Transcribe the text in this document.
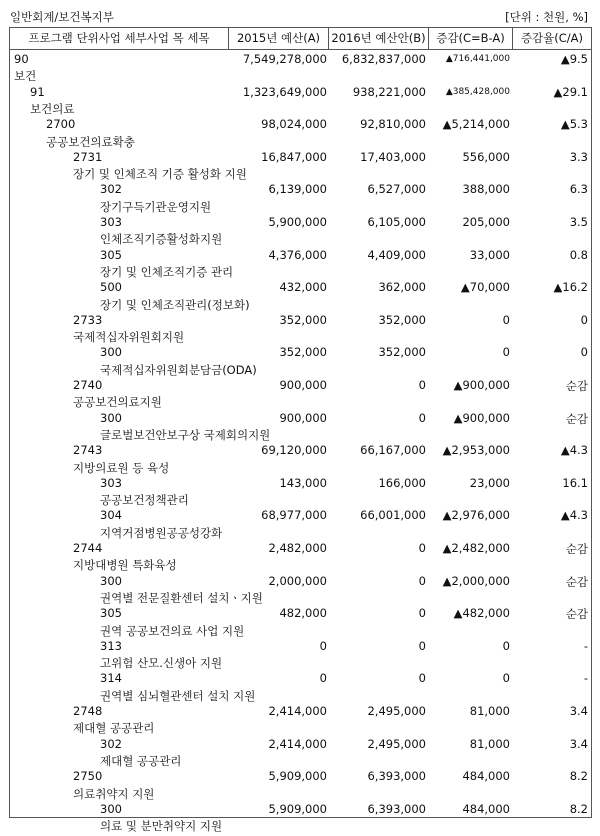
일반회계/보건복지부	[단위 : 천원, %]
프로그램 단위사업 세부사업 목 세목	2015년 예산(A) 2016년 예산안(B) 증감(C=B-A)	증감율(C/A)
90	7,549,278,000 6,832,837,000 ▲716,441,000	▲9.5
보건
91	1,323,649,000 938,221,000 ▲385,428,000	▲29.1
보건의료
2700	98,024,000	92,810,000 ▲5,214,000	▲5.3
공공보건의료확충
2731	16,847,000	17,403,000	556,000	3.3
장기 및 인체조직 기증 활성화 지원
302	6,139,000	6,527,000	388,000	6.3
장기구득기관운영지원
303	5,900,000	6,105,000	205,000	3.5
인체조직기증활성화지원
305	4,376,000	4,409,000	33,000	0.8
장기 및 인체조직기증 관리
500	432,000	362,000	▲70,000	▲16.2
장기 및 인체조직관리(정보화)
2733	352,000	352,000	0	0
국제적십자위원회지원
300	352,000	352,000	0	0
국제적십자위원회분담금(ODA)
2740	900,000	0 ▲900,000	순감
공공보건의료지원
300	900,000	0 ▲900,000	순감
글로벌보건안보구상 국제회의지원
2743	69,120,000	66,167,000 ▲2,953,000	▲4.3
지방의료원 등 육성
303	143,000	166,000	23,000	16.1
공공보건정책관리
304	68,977,000	66,001,000 ▲2,976,000	▲4.3
지역거점병원공공성강화
2744	2,482,000	0 ▲2,482,000	순감
지방대병원 특화육성
300	2,000,000	0 ▲2,000,000	순감
권역별 전문질환센터 설치ㆍ지원
305	482,000	0 ▲482,000	순감
권역 공공보건의료 사업 지원
313	0	0	0	-
고위험 산모.신생아 지원
314	0	0	0	-
권역별 심뇌혈관센터 설치 지원
2748	2,414,000	2,495,000	81,000	3.4
제대혈 공공관리
302	2,414,000	2,495,000	81,000	3.4
제대혈 공공관리
2750	5,909,000	6,393,000	484,000	8.2
의료취약지 지원
300	5,909,000	6,393,000	484,000	8.2
의료 및 분만취약지 지원
